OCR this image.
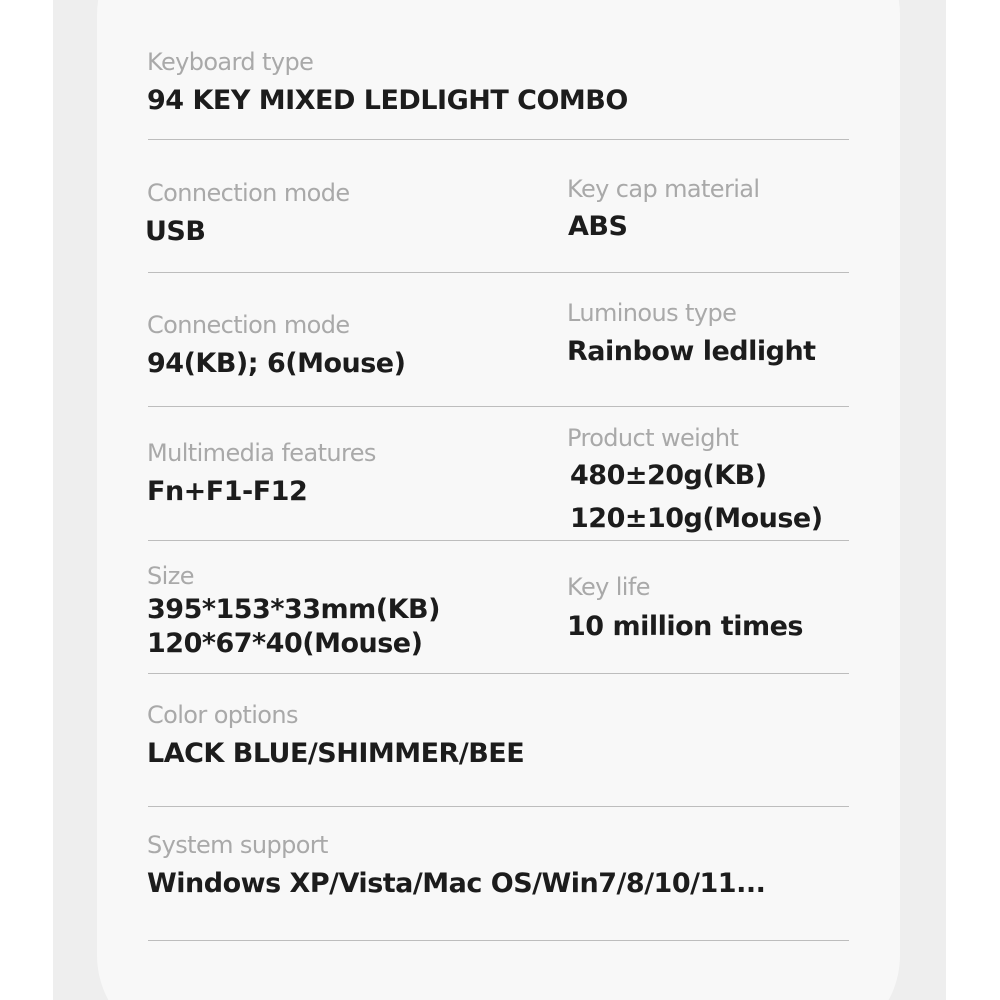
Keyboard type
94 KEY MIXED LEDLIGHT COMBO
Connection mode
USB
Key cap material
ABS
Connection mode
94(KB); 6(Mouse)
Luminous type
Rainbow ledlight
Multimedia features
Fn+F1-F12
Product weight
480±20g(KB)
120±10g(Mouse)
Size
395*153*33mm(KB)
120*67*40(Mouse)
Key life
10 million times
Color options
LACK BLUE/SHIMMER/BEE
System support
Windows XP/Vista/Mac OS/Win7/8/10/11...
